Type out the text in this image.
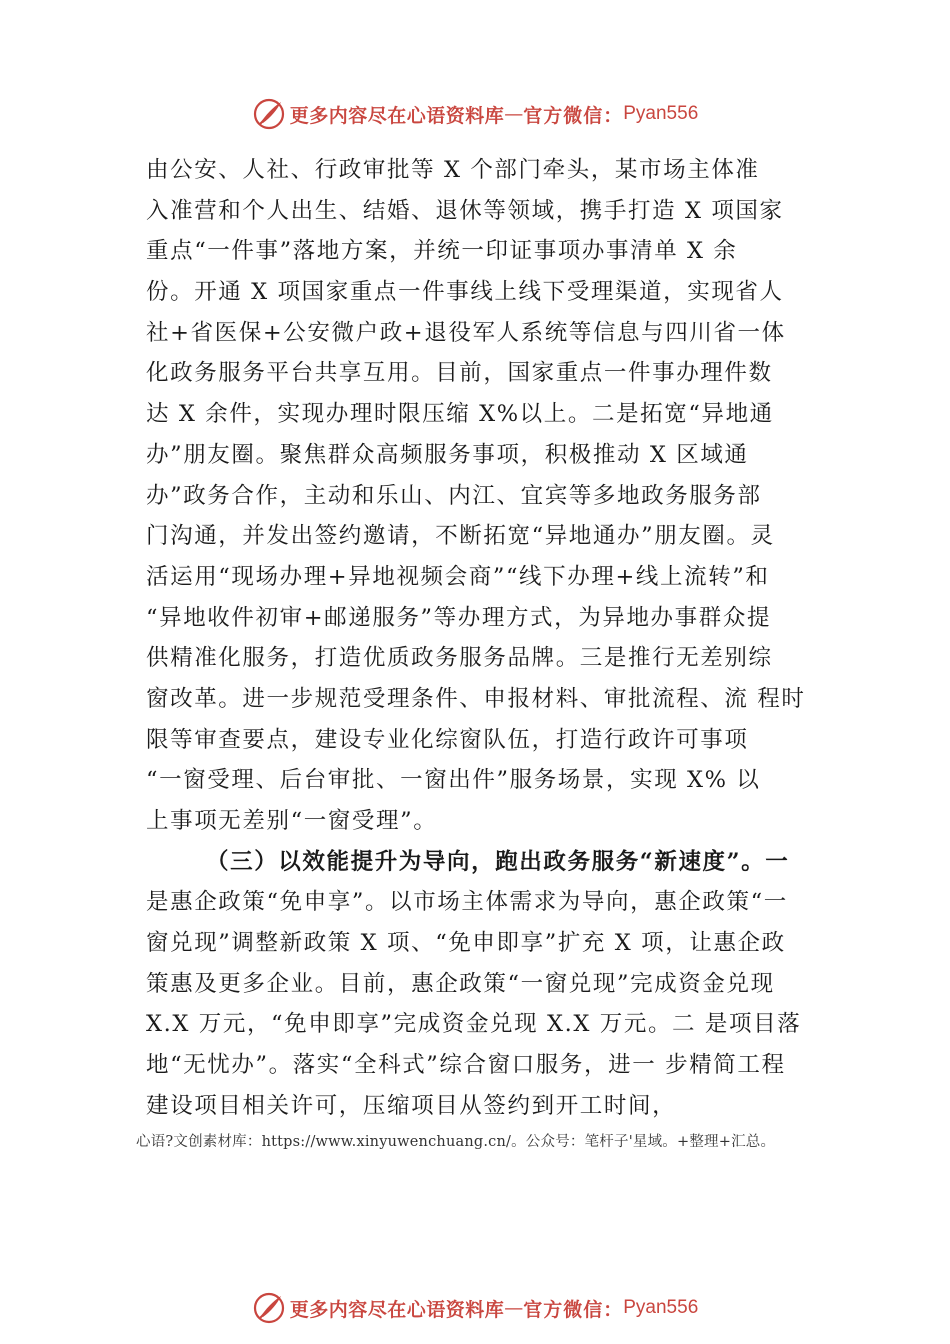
更多内容尽在心语资料库 — 官方微信： Pyan556
由公安、人社、行政审批等 X 个部门牵头，某市场主体准
入准营和个人出生、结婚、退休等领域，携手打造 X 项国家
重点“一件事”落地方案，并统一印证事项办事清单 X 余
份。开通 X 项国家重点一件事线上线下受理渠道，实现省人
社+省医保+公安微户政+退役军人系统等信息与四川省一体
化政务服务平台共享互用。目前，国家重点一件事办理件数
达 X 余件，实现办理时限压缩 X%以上。二是拓宽“异地通
办”朋友圈。聚焦群众高频服务事项，积极推动 X 区域通
办”政务合作，主动和乐山、内江、宜宾等多地政务服务部
门沟通，并发出签约邀请，不断拓宽“异地通办”朋友圈。灵
活运用“现场办理+异地视频会商”“线下办理+线上流转”和
“异地收件初审+邮递服务”等办理方式，为异地办事群众提
供精准化服务，打造优质政务服务品牌。三是推行无差别综
窗改革。进一步规范受理条件、申报材料、审批流程、流 程时
限等审查要点，建设专业化综窗队伍，打造行政许可事项
“一窗受理、后台审批、一窗出件”服务场景，实现 X% 以
上事项无差别“一窗受理”。
（三）以效能提升为导向，跑出政务服务“新速度”。一
是惠企政策“免申享”。以市场主体需求为导向，惠企政策“一
窗兑现”调整新政策 X 项、“免申即享”扩充 X 项，让惠企政
策惠及更多企业。目前，惠企政策“一窗兑现”完成资金兑现
X.X 万元，“免申即享”完成资金兑现 X.X 万元。二 是项目落
地“无忧办”。落实“全科式”综合窗口服务，进一 步精简工程
建设项目相关许可，压缩项目从签约到开工时间，
心语?文创素材库：https://www.xinyuwenchuang.cn/。公众号：笔杆子'星域。+整理+汇总。
更多内容尽在心语资料库 — 官方微信： Pyan556
